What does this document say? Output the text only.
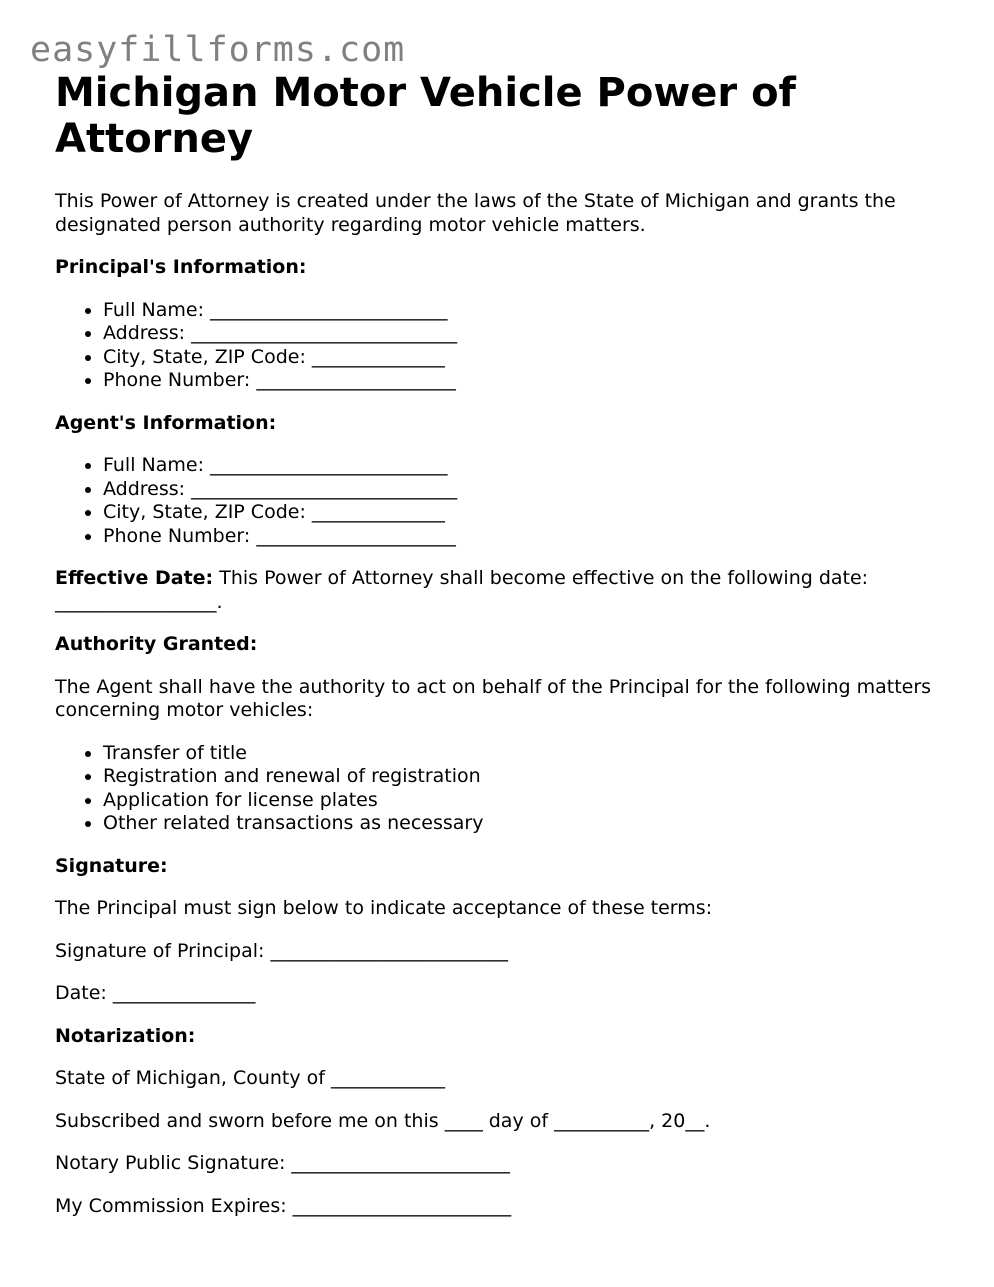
easyfillforms.com
Michigan Motor Vehicle Power of Attorney

This Power of Attorney is created under the laws of the State of Michigan and grants the designated person authority regarding motor vehicle matters.

Principal's Information:

• Full Name: _________________________
• Address: ____________________________
• City, State, ZIP Code: ______________
• Phone Number: _____________________

Agent's Information:

• Full Name: _________________________
• Address: ____________________________
• City, State, ZIP Code: ______________
• Phone Number: _____________________

Effective Date: This Power of Attorney shall become effective on the following date: _________________.

Authority Granted:

The Agent shall have the authority to act on behalf of the Principal for the following matters concerning motor vehicles:

• Transfer of title
• Registration and renewal of registration
• Application for license plates
• Other related transactions as necessary

Signature:

The Principal must sign below to indicate acceptance of these terms:

Signature of Principal: _________________________

Date: _______________

Notarization:

State of Michigan, County of ____________

Subscribed and sworn before me on this ____ day of __________, 20__.

Notary Public Signature: _______________________

My Commission Expires: _______________________
